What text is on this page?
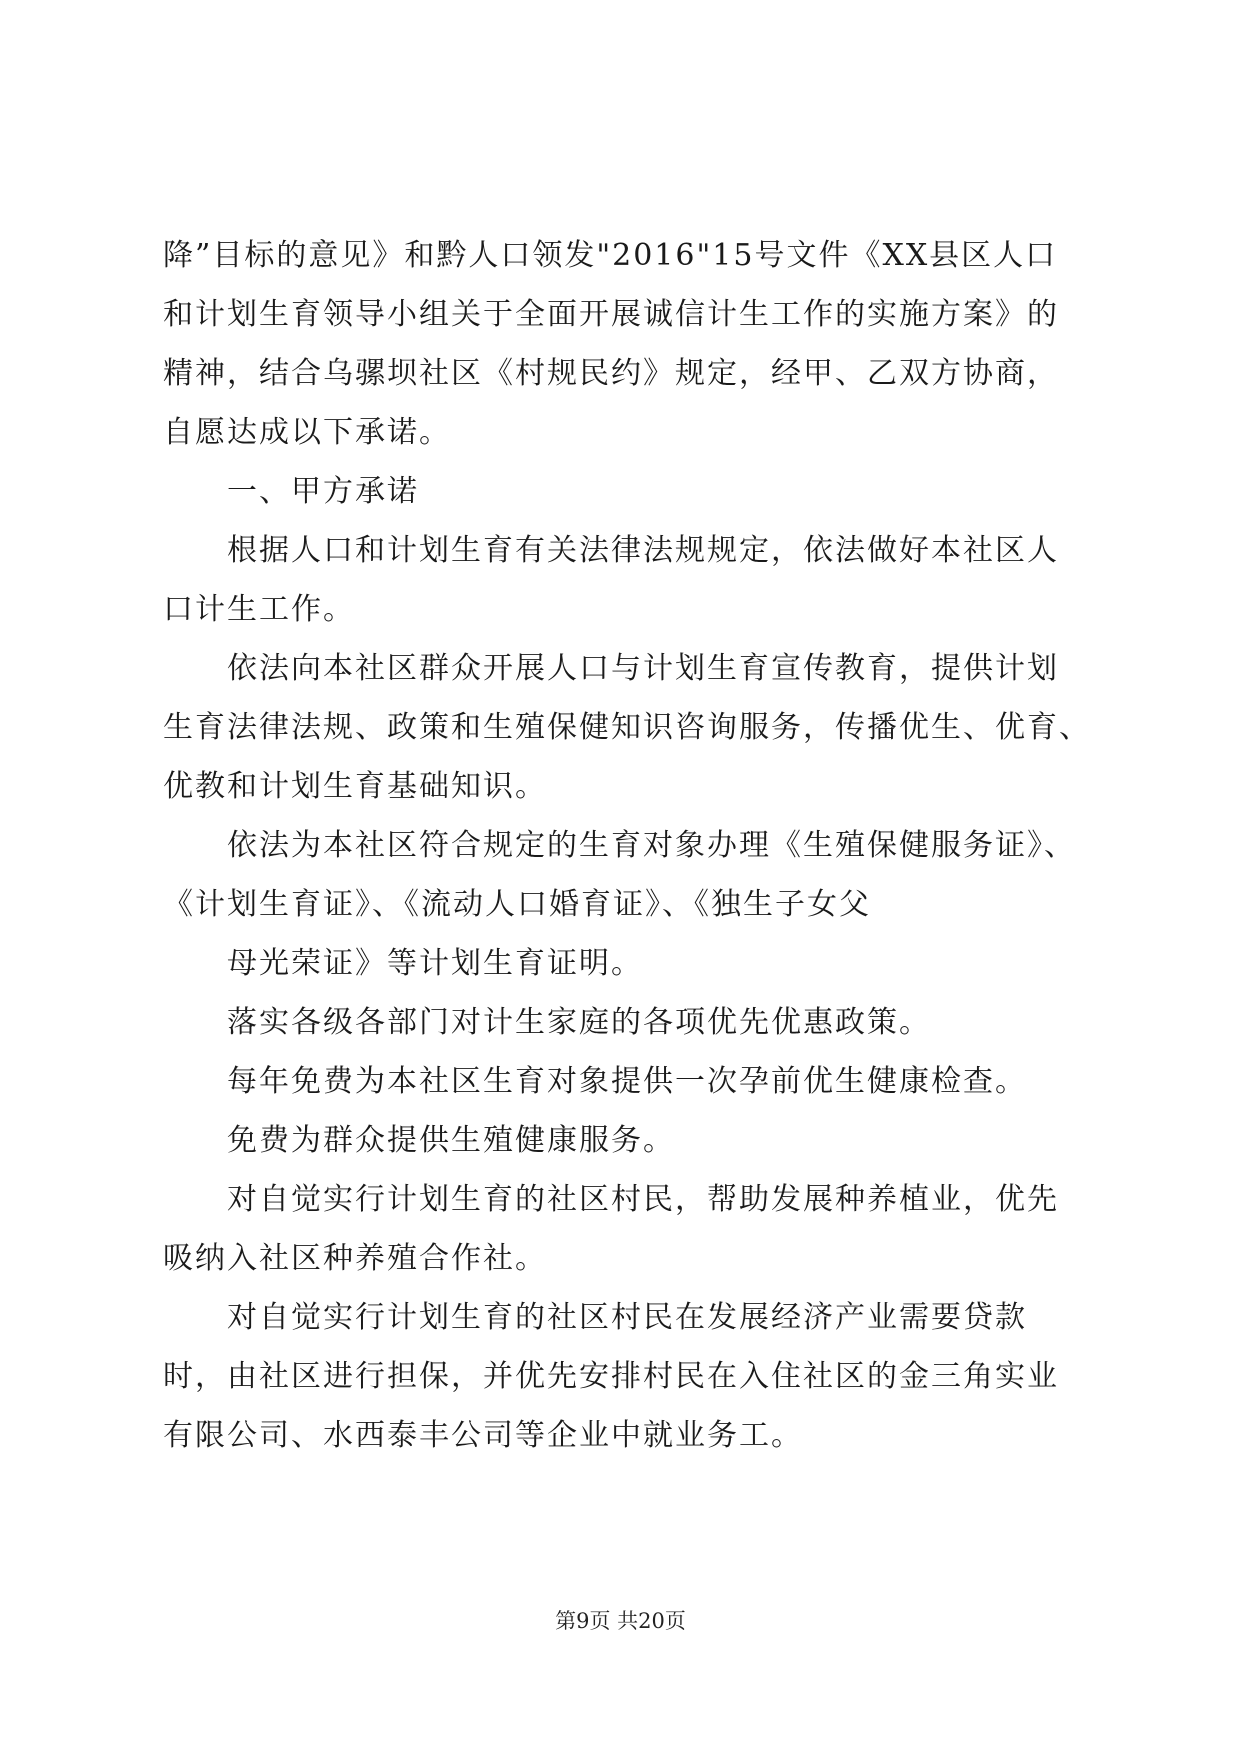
降”目标的意见》和黔人口领发"2016"15号文件《XX县区人口
和计划生育领导小组关于全面开展诚信计生工作的实施方案》的
精神，结合乌骡坝社区《村规民约》规定，经甲、乙双方协商，
自愿达成以下承诺。
一、甲方承诺
根据人口和计划生育有关法律法规规定，依法做好本社区人
口计生工作。
依法向本社区群众开展人口与计划生育宣传教育，提供计划
生育法律法规、政策和生殖保健知识咨询服务，传播优生、优育、
优教和计划生育基础知识。
依法为本社区符合规定的生育对象办理《生殖保健服务证》、
《计划生育证》、《流动人口婚育证》、《独生子女父
母光荣证》等计划生育证明。
落实各级各部门对计生家庭的各项优先优惠政策。
每年免费为本社区生育对象提供一次孕前优生健康检查。
免费为群众提供生殖健康服务。
对自觉实行计划生育的社区村民，帮助发展种养植业，优先
吸纳入社区种养殖合作社。
对自觉实行计划生育的社区村民在发展经济产业需要贷款
时，由社区进行担保，并优先安排村民在入住社区的金三角实业
有限公司、水西泰丰公司等企业中就业务工。
第9页 共20页
